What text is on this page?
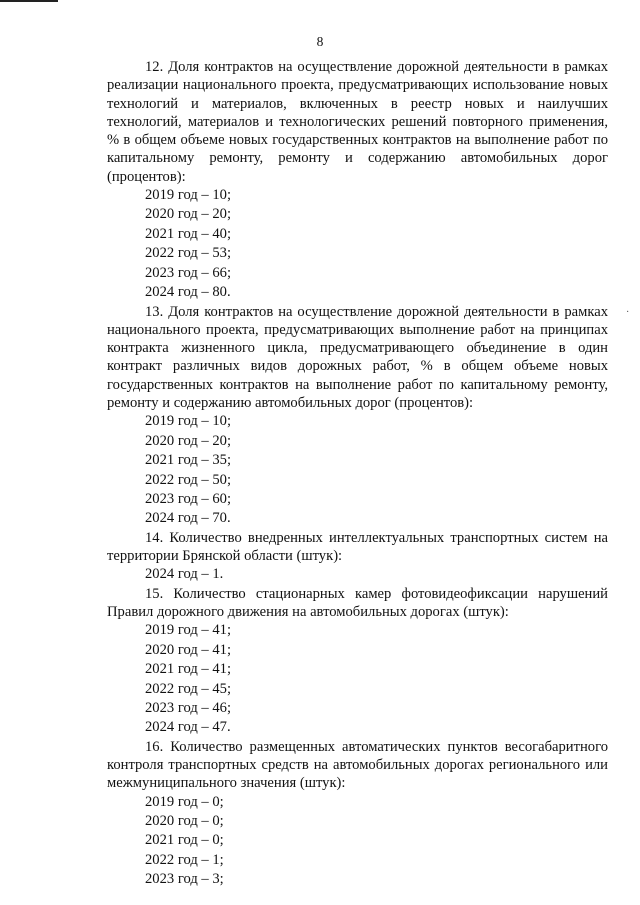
8
·

12. Доля контрактов на осуществление дорожной деятельности в рамках реализации национального проекта, предусматривающих использование новых технологий и материалов, включенных в реестр новых и наилучших технологий, материалов и технологических решений повторного применения, % в общем объеме новых государственных контрактов на выполнение работ по капитальному ремонту, ремонту и содержанию автомобильных дорог (процентов):

2019 год – 10;
2020 год – 20;
2021 год – 40;
2022 год – 53;
2023 год – 66;
2024 год – 80.

13. Доля контрактов на осуществление дорожной деятельности в рамках национального проекта, предусматривающих выполнение работ на принципах контракта жизненного цикла, предусматривающего объединение в один контракт различных видов дорожных работ, % в общем объеме новых государственных контрактов на выполнение работ по капитальному ремонту, ремонту и содержанию автомобильных дорог (процентов):

2019 год – 10;
2020 год – 20;
2021 год – 35;
2022 год – 50;
2023 год – 60;
2024 год – 70.

14. Количество внедренных интеллектуальных транспортных систем на территории Брянской области (штук):

2024 год – 1.

15. Количество стационарных камер фотовидеофиксации нарушений Правил дорожного движения на автомобильных дорогах (штук):

2019 год – 41;
2020 год – 41;
2021 год – 41;
2022 год – 45;
2023 год – 46;
2024 год – 47.

16. Количество размещенных автоматических пунктов весогабаритного контроля транспортных средств на автомобильных дорогах регионального или межмуниципального значения (штук):

2019 год – 0;
2020 год – 0;
2021 год – 0;
2022 год – 1;
2023 год – 3;
